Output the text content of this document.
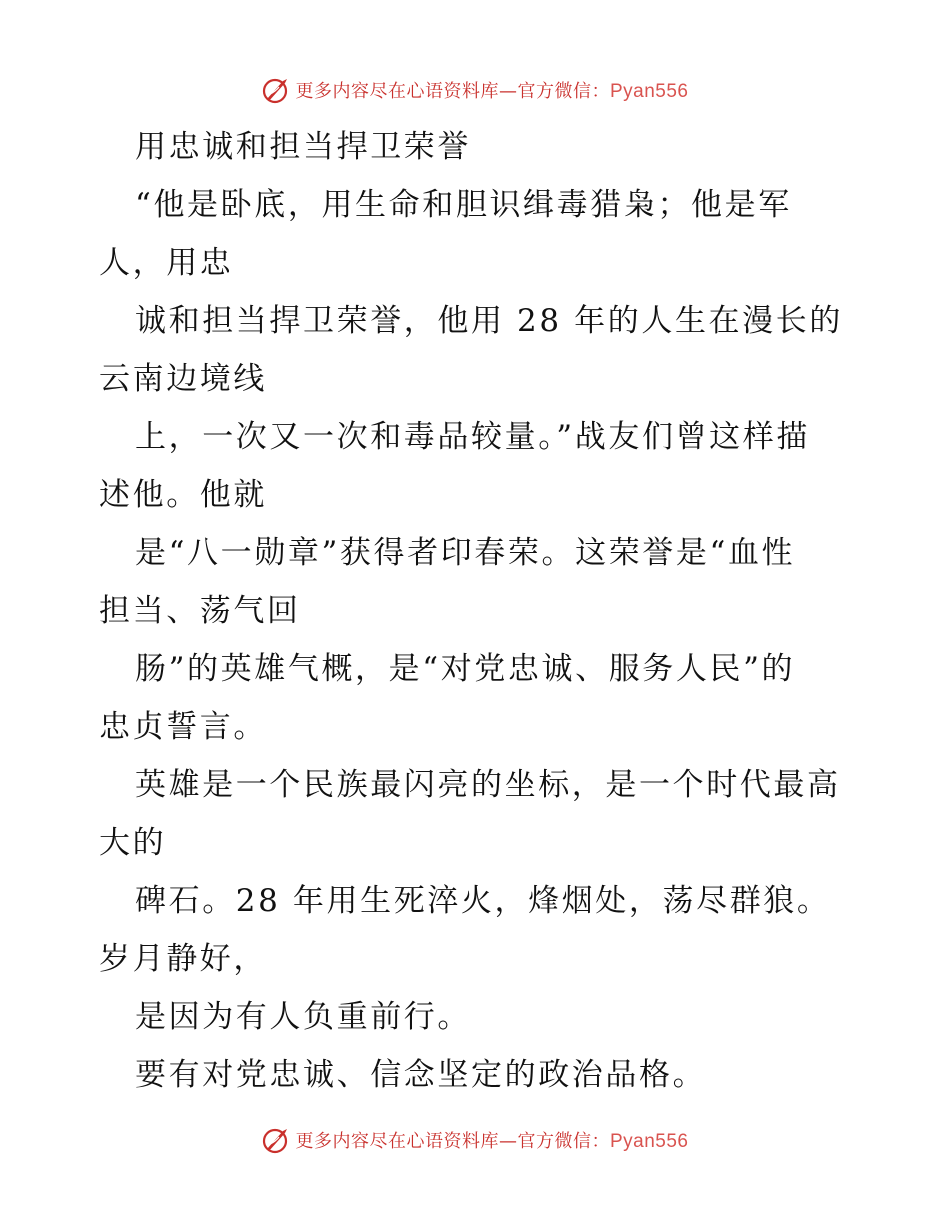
更多内容尽在心语资料库—官方微信：Pyan556
用忠诚和担当捍卫荣誉
“他是卧底，用生命和胆识缉毒猎枭；他是军
人，用忠
诚和担当捍卫荣誉，他用 28 年的人生在漫长的
云南边境线
上，一次又一次和毒品较量。”战友们曾这样描
述他。他就
是“八一勋章”获得者印春荣。这荣誉是“血性
担当、荡气回
肠”的英雄气概，是“对党忠诚、服务人民”的
忠贞誓言。
英雄是一个民族最闪亮的坐标，是一个时代最高
大的
碑石。28 年用生死淬火，烽烟处，荡尽群狼。
岁月静好，
是因为有人负重前行。
要有对党忠诚、信念坚定的政治品格。
更多内容尽在心语资料库—官方微信：Pyan556
